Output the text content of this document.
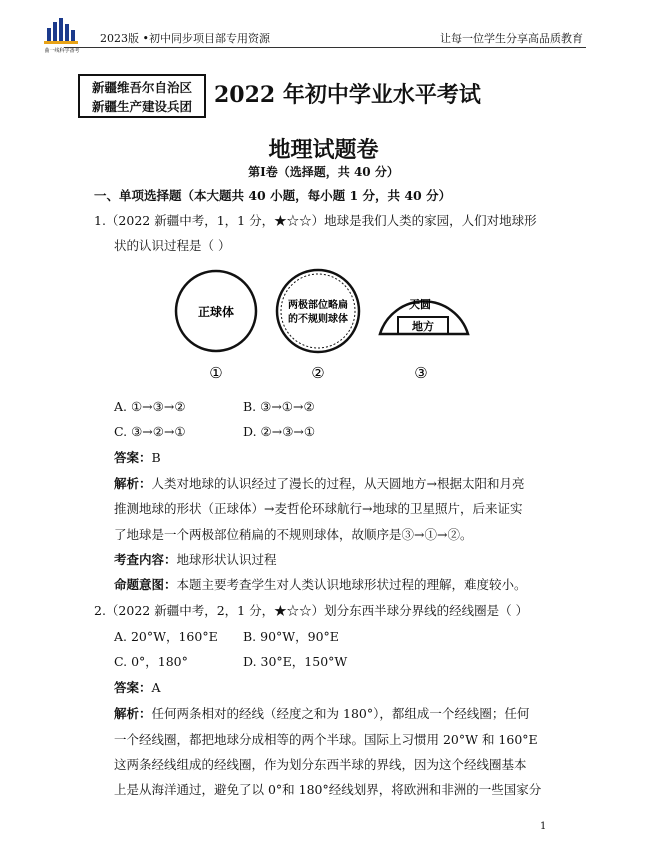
曲一线科学备考
2023版 •初中同步项目部专用资源	让每一位学生分享高品质教育
新疆维吾尔自治区
新疆生产建设兵团	2022 年初中学业水平考试
地理试题卷
第Ⅰ卷（选择题，共 40 分）
一、单项选择题（本大题共 40 小题，每小题 1 分，共 40 分）
1.（2022 新疆中考，1，1 分，★☆☆）地球是我们人类的家园，人们对地球形
状的认识过程是（ ）
正球体	两极部位略扁
的不规则球体
天圆
地方
①	②	③
A. ①→③→②	B. ③→①→②
C. ③→②→①	D. ②→③→①
答案：B
解析：人类对地球的认识经过了漫长的过程，从天圆地方→根据太阳和月亮
推测地球的形状（正球体）→麦哲伦环球航行→地球的卫星照片，后来证实
了地球是一个两极部位稍扁的不规则球体，故顺序是③→①→②。
考查内容：地球形状认识过程
命题意图：本题主要考查学生对人类认识地球形状过程的理解，难度较小。
2.（2022 新疆中考，2，1 分，★☆☆）划分东西半球分界线的经线圈是（ ）
A. 20°W，160°E B. 90°W，90°E
C. 0°，180°	D. 30°E，150°W
答案：A
解析：任何两条相对的经线（经度之和为 180°），都组成一个经线圈；任何
一个经线圈，都把地球分成相等的两个半球。国际上习惯用 20°W 和 160°E
这两条经线组成的经线圈，作为划分东西半球的界线，因为这个经线圈基本
上是从海洋通过，避免了以 0°和 180°经线划界，将欧洲和非洲的一些国家分
1
